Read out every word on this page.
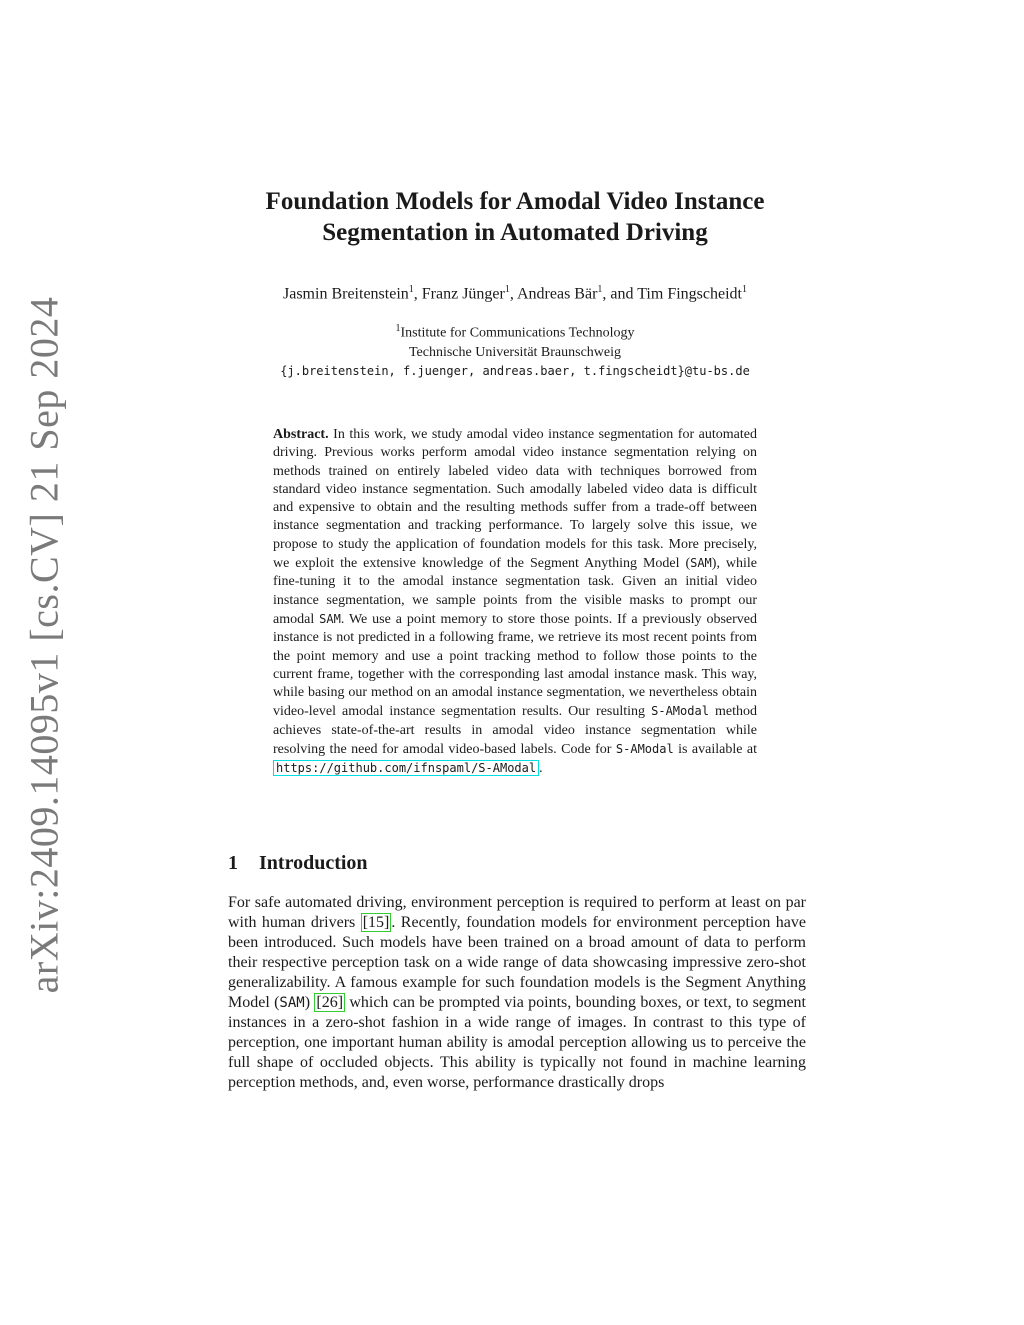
arXiv:2409.14095v1 [cs.CV] 21 Sep 2024
Foundation Models for Amodal Video Instance
Segmentation in Automated Driving
Jasmin Breitenstein$^1$, Franz Jünger$^1$, Andreas Bär$^1$, and Tim Fingscheidt$^1$
$^1$Institute for Communications Technology
Technische Universität Braunschweig
{j.breitenstein, f.juenger, andreas.baer, t.fingscheidt}@tu-bs.de
Abstract. In this work, we study amodal video instance segmentation for automated driving. Previous works perform amodal video instance segmentation relying on methods trained on entirely labeled video data with techniques borrowed from standard video instance segmentation. Such amodally labeled video data is difficult and expensive to obtain and the resulting methods suffer from a trade-off between instance segmentation and tracking performance. To largely solve this issue, we propose to study the application of foundation models for this task. More precisely, we exploit the extensive knowledge of the Segment Anything Model (SAM), while fine-tuning it to the amodal instance segmentation task. Given an initial video instance segmentation, we sample points from the visible masks to prompt our amodal SAM. We use a point memory to store those points. If a previously observed instance is not predicted in a following frame, we retrieve its most recent points from the point memory and use a point tracking method to follow those points to the current frame, together with the corresponding last amodal instance mask. This way, while basing our method on an amodal instance segmentation, we nevertheless obtain video-level amodal instance segmentation results. Our resulting S-AModal method achieves state-of-the-art results in amodal video instance segmentation while resolving the need for amodal video-based labels. Code for S-AModal is available at https://github.com/ifnspaml/S-AModal .
1 Introduction
For safe automated driving, environment perception is required to perform at least on par with human drivers [15] . Recently, foundation models for environment perception have been introduced. Such models have been trained on a broad amount of data to perform their respective perception task on a wide range of data showcasing impressive zero-shot generalizability. A famous example for such foundation models is the Segment Anything Model (SAM) [26] which can be prompted via points, bounding boxes, or text, to segment instances in a zero-shot fashion in a wide range of images. In contrast to this type of perception, one important human ability is amodal perception allowing us to perceive the full shape of occluded objects. This ability is typically not found in machine learning perception methods, and, even worse, performance drastically drops
